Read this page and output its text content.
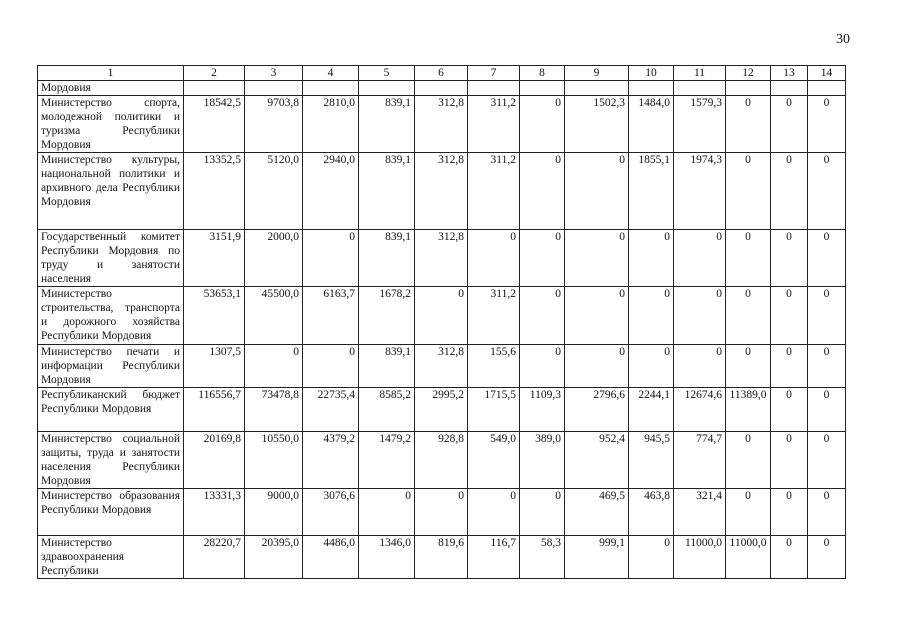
30
1	2	3	4	5	6	7	8	9	10	11	12	13	14
Мордовия													
Министерство спорта, молодежной политики и туризма Республики Мордовия	18542,5	9703,8	2810,0	839,1	312,8	311,2	0	1502,3	1484,0	1579,3	0	0	0
Министерство культуры, национальной политики и архивного дела Республики Мордовия	13352,5	5120,0	2940,0	839,1	312,8	311,2	0	0	1855,1	1974,3	0	0	0
Государственный комитет Республики Мордовия по труду и занятости населения	3151,9	2000,0	0	839,1	312,8	0	0	0	0	0	0	0	0
Министерство строительства, транспорта и дорожного хозяйства Республики Мордовия	53653,1	45500,0	6163,7	1678,2	0	311,2	0	0	0	0	0	0	0
Министерство печати и информации Республики Мордовия	1307,5	0	0	839,1	312,8	155,6	0	0	0	0	0	0	0
Республиканский бюджет Республики Мордовия	116556,7	73478,8	22735,4	8585,2	2995,2	1715,5	1109,3	2796,6	2244,1	12674,6	11389,0	0	0
Министерство социальной защиты, труда и занятости населения Республики Мордовия	20169,8	10550,0	4379,2	1479,2	928,8	549,0	389,0	952,4	945,5	774,7	0	0	0
Министерство образования Республики Мордовия	13331,3	9000,0	3076,6	0	0	0	0	469,5	463,8	321,4	0	0	0
Министерство здравоохранения Республики	28220,7	20395,0	4486,0	1346,0	819,6	116,7	58,3	999,1	0	11000,0	11000,0	0	0
